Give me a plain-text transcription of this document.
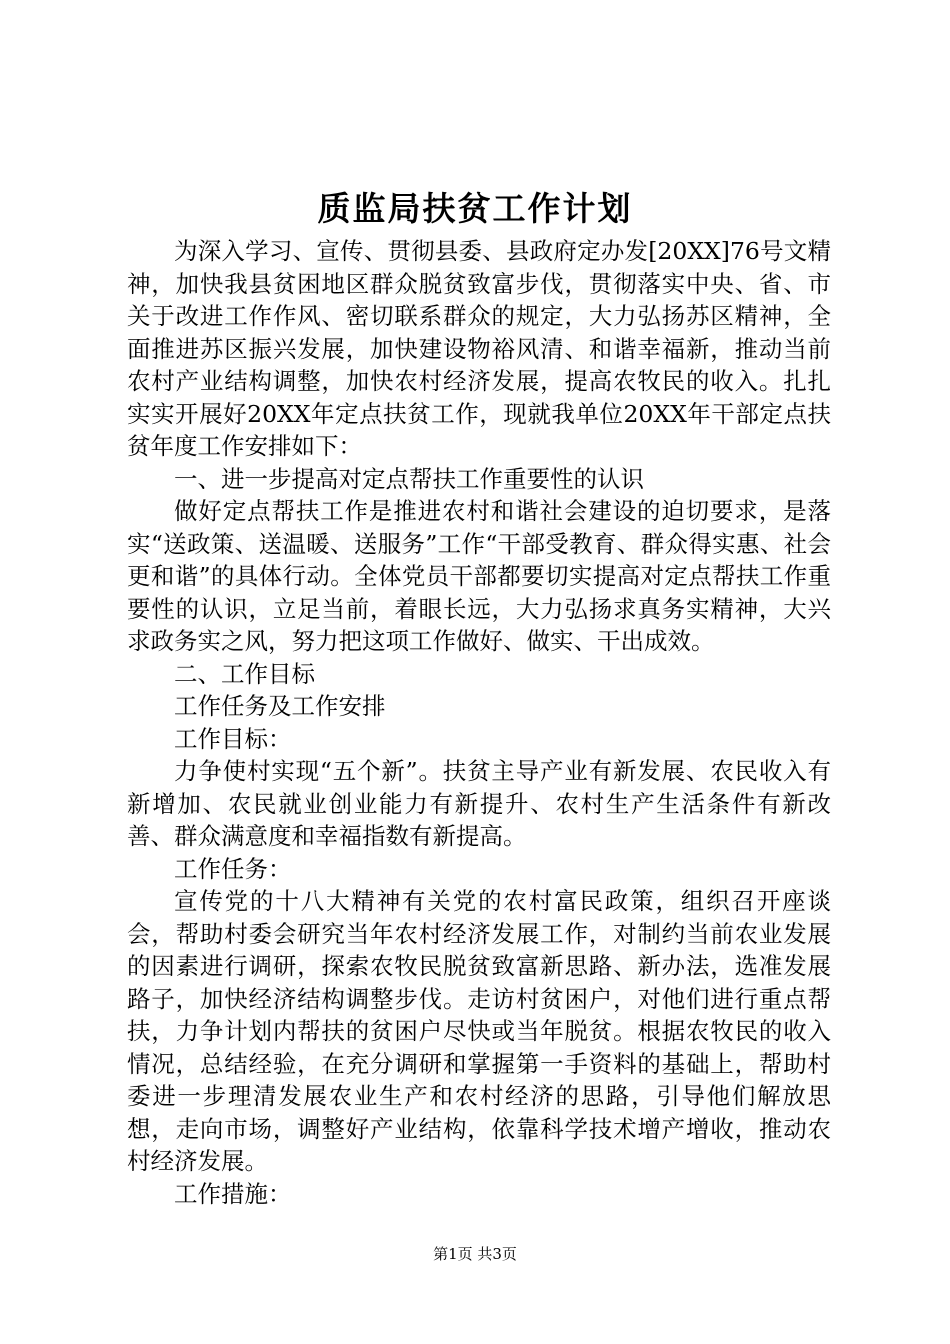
质监局扶贫工作计划

为深入学习、宣传、贯彻县委、县政府定办发[20XX]76号文精神，加快我县贫困地区群众脱贫致富步伐，贯彻落实中央、省、市关于改进工作作风、密切联系群众的规定，大力弘扬苏区精神，全面推进苏区振兴发展，加快建设物裕风清、和谐幸福新，推动当前农村产业结构调整，加快农村经济发展，提高农牧民的收入。扎扎实实开展好20XX年定点扶贫工作，现就我单位20XX年干部定点扶贫年度工作安排如下：

一、进一步提高对定点帮扶工作重要性的认识

做好定点帮扶工作是推进农村和谐社会建设的迫切要求，是落实“送政策、送温暖、送服务”工作“干部受教育、群众得实惠、社会更和谐”的具体行动。全体党员干部都要切实提高对定点帮扶工作重要性的认识，立足当前，着眼长远，大力弘扬求真务实精神，大兴求政务实之风，努力把这项工作做好、做实、干出成效。

二、工作目标

工作任务及工作安排

工作目标：

力争使村实现“五个新”。扶贫主导产业有新发展、农民收入有新增加、农民就业创业能力有新提升、农村生产生活条件有新改善、群众满意度和幸福指数有新提高。

工作任务：

宣传党的十八大精神有关党的农村富民政策，组织召开座谈会，帮助村委会研究当年农村经济发展工作，对制约当前农业发展的因素进行调研，探索农牧民脱贫致富新思路、新办法，选准发展路子，加快经济结构调整步伐。走访村贫困户，对他们进行重点帮扶，力争计划内帮扶的贫困户尽快或当年脱贫。根据农牧民的收入情况，总结经验，在充分调研和掌握第一手资料的基础上，帮助村委进一步理清发展农业生产和农村经济的思路，引导他们解放思想，走向市场，调整好产业结构，依靠科学技术增产增收，推动农村经济发展。

工作措施：

第1页 共3页
